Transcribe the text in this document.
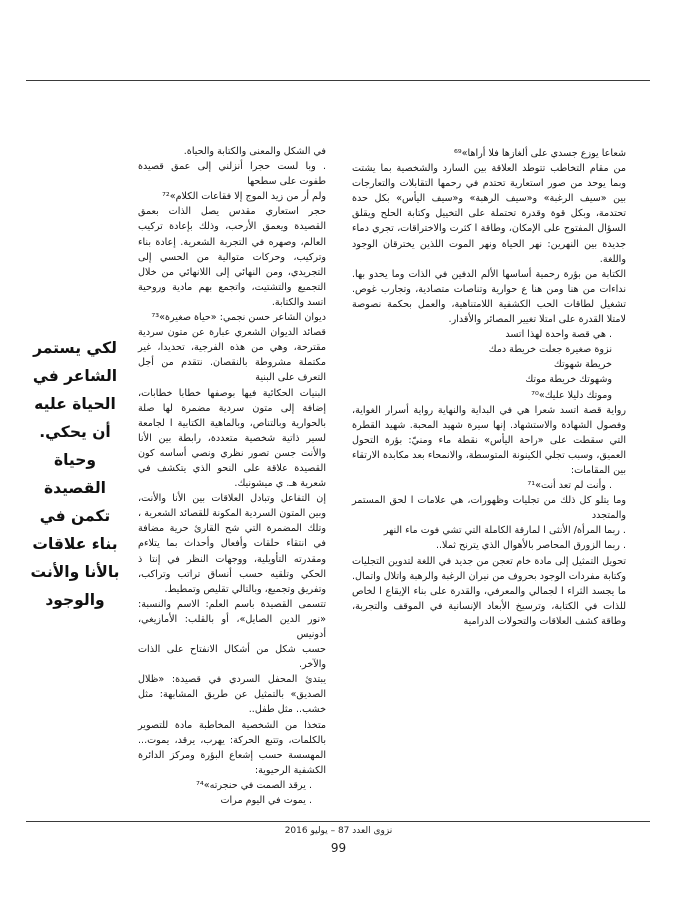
شعاعا يوزع جسدي على ألغازها فلا أراها»⁶⁹

من مقام التخاطب تتوطد العلاقة بين السارد والشخصية بما يشتت وبما يوحد من صور استعارية تحتدم في رحمها التقابلات والتعارجات بين «سيف الرغبة» و«سيف الرهبة» و«سيف اليأس» بكل حدة تحتدمة، وبكل قوة وقدرة تحتملة على التخييل وكتابة الحلح ويقلق السؤال المفتوح على الإمكان، وطاقة ا كثرت والاختراقات، تجري دماء جديدة بين النهرين: نهر الحياة ونهر الموت اللذين يخترقان الوجود واللغة.

الكتابة من بؤرة رحمية أساسها الألم الدفين في الذات وما يحدو بها. نداءات من هنا ومن هنا ع حوارية وتناصات متصادية، وتجارب غوص. تشغيل لطاقات الحب الكشفية اللامتناهية، والعمل بحكمة نصوصة لامتلا القدرة على امتلا تغيير المصائر والأقدار.

. هي قصة واحدة لهذا اتسد

نزوة صغيرة جعلت خريطة دمك

خريطة شهوتك

وشهوتك خريطة موتك

وموتك دليلا عليك»⁷⁰

رواية قصة اتسد شعرا هي في البداية والنهاية رواية أسرار الغواية، وفصول الشهادة والاستشهاد. إنها سيرة شهيد المحبة. شهيد القطرة التي سقطت على «راحة اليأس» نقطة ماء ومنيّ: بؤرة التحول العميق، وسبب تجلي الكينونة المتوسطة، والانمحاء بعد مكابدة الارتقاء بين المقامات:

. وأنت لم تعد أنت»⁷¹

وما يتلو كل ذلك من تجليات وظهورات، هي علامات ا لحق المستمر والمتجدد

. ربما المرأة/ الأنثى ا لمارقة الكاملة التي تشي فوت ماء النهر

. ربما الزورق المحاصر بالأهوال الذي يترنح ثملا..

تحويل التمثيل إلى مادة خام تعجن من جديد في اللغة لتدوين التجليات وكتابة مفردات الوجود بحروف من نيران الرغبة والرهبة واتلال واتمال. ما يجسد الثراء ا لجمالي والمعرفي، والقدرة على بناء الإيقاع ا لخاص للذات في الكتابة، وترسيخ الأبعاد الإنسانية في الموقف والتجربة، وطاقة كشف العلاقات والتحولات الدرامية

في الشكل والمعنى والكتابة والحياة.

. وبا لست حجرا أنزلني إلى عمق قصيدة طفوت على سطحها

ولم أر من زيد الموج إلا فقاعات الكلام»⁷²

حجر استعاري مقدس يصل الذات بعمق القصيدة ويعمق الأرحب، وذلك بإعادة تركيب العالم، وصهره في التجربة الشعرية. إعادة بناء وتركيب، وحركات متوالية من الحسي إلى التجريدي، ومن النهائي إلى اللانهائي من خلال التجميع والتشتيت، واتجمع بهم مادية وروحية اتسد والكتابة.

ديوان الشاعر حسن نجمي: «حياة صغيرة»⁷³

قصائد الديوان الشعري عبارة عن متون سردية مقترحة، وهي من هذه الفرجية، تحديدا، غير مكتملة مشروطة بالنقصان. نتقدم من أجل التعرف على البنية

البنيات الحكائية فيها بوصفها خطابا خطابات، إضافة إلى متون سردية مضمرة لها صلة بالحوارية وبالتناص، وبالماهية الكتابية ا لجامعة لسير ذاتية شخصية متعددة، رابطة بين الأنا والأنت جسن تصور نظري ونصي أساسه كون القصيدة علاقة على النحو الذي يتكشف في شعرية هـ. ي ميشونيك.

إن التفاعل وتبادل العلاقات بين الأنا والأنت، وبين المتون السردية المكونة للقصائد الشعرية ، وتلك المضمرة التي شح القارئ حرية مضافة في انتقاء حلقات وأفعال وأحداث بما يتلاءم ومقدرته التأويلية، ووجهات النظر في إنتا ذ الحكي وتلقيه حسب أنساق تراتب وتراكب، وتفريق وتجميع، وبالتالي تقليص وتمطيط.

تتسمى القصيدة باسم العلم: الاسم والنسبة: «نور الدين الصايل»، أو بالقلب: الأمازيغي، أدونيس

حسب شكل من أشكال الانفتاح على الذات والآخر.

يبتدئ المحفل السردي في قصيدة: «ظلال الصديق» بالتمثيل عن طريق المشابهة: مثل خشب.. مثل طفل..

متخذا من الشخصية المخاطبة مادة للتصوير بالكلمات، وتتبع الحركة: يهرب، يرقد، يموت... المهسسة حسب إشعاع البؤرة ومركز الدائرة الكشفية الرحيوية:

. يرقد الصمت في حنجرته»⁷⁴

. يموت في اليوم مرات

لكي يستمر
الشاعر في
الحياة عليه
أن يحكي.
وحياة
القصيدة
تكمن في
بناء علاقات
بالأنا والأنت
والوجود
نزوى العدد 87 – يوليو 2016
99
